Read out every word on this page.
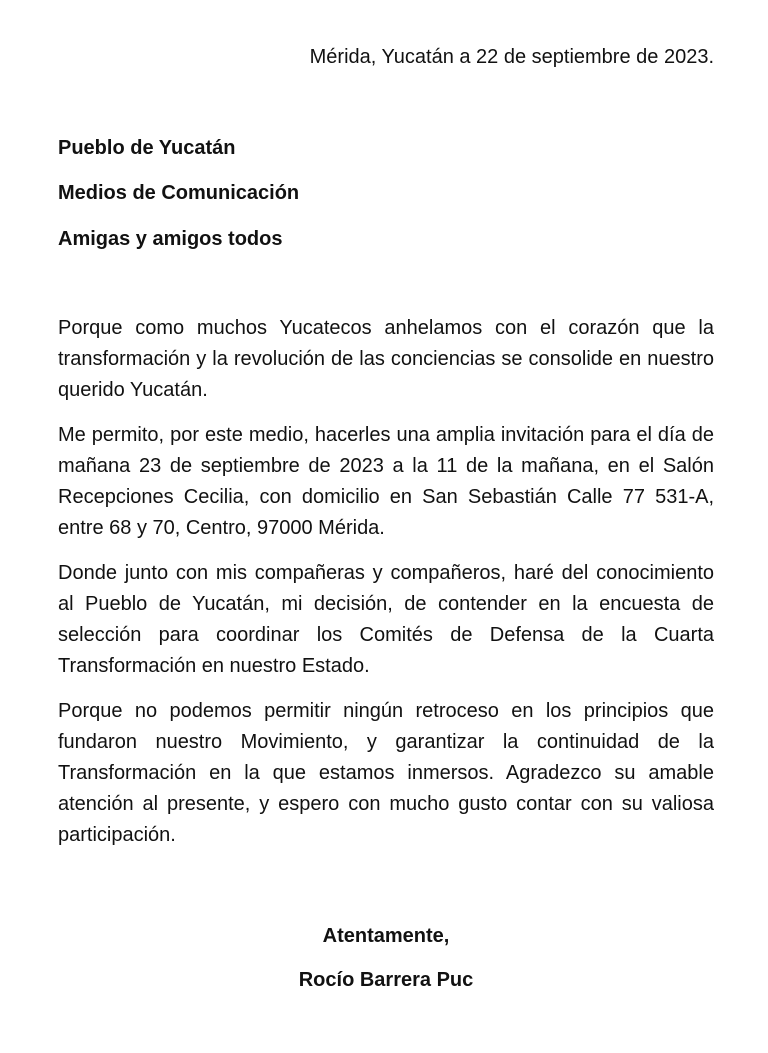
Mérida, Yucatán a 22 de septiembre de 2023.
Pueblo de Yucatán
Medios de Comunicación
Amigas y amigos todos

Porque como muchos Yucatecos anhelamos con el corazón que la transformación y la revolución de las conciencias se consolide en nuestro querido Yucatán.

Me permito, por este medio, hacerles una amplia invitación para el día de mañana 23 de septiembre de 2023 a la 11 de la mañana, en el Salón Recepciones Cecilia, con domicilio en San Sebastián Calle 77 531-A, entre 68 y 70, Centro, 97000 Mérida.

Donde junto con mis compañeras y compañeros, haré del conocimiento al Pueblo de Yucatán, mi decisión, de contender en la encuesta de selección para coordinar los Comités de Defensa de la Cuarta Transformación en nuestro Estado.

Porque no podemos permitir ningún retroceso en los principios que fundaron nuestro Movimiento, y garantizar la continuidad de la Transformación en la que estamos inmersos. Agradezco su amable atención al presente, y espero con mucho gusto contar con su valiosa participación.

Atentamente,
Rocío Barrera Puc
